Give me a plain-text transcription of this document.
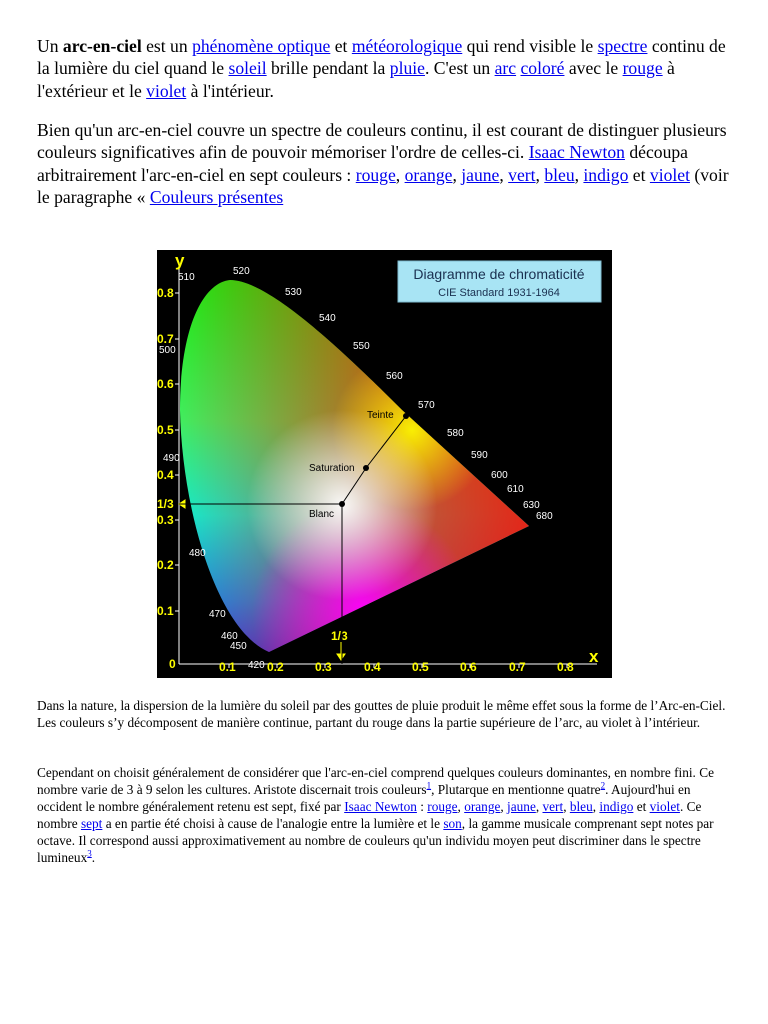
Un arc-en-ciel est un phénomène optique et météorologique qui rend visible le spectre continu de la lumière du ciel quand le soleil brille pendant la pluie. C'est un arc coloré avec le rouge à l'extérieur et le violet à l'intérieur.

Bien qu'un arc-en-ciel couvre un spectre de couleurs continu, il est courant de distinguer plusieurs couleurs significatives afin de pouvoir mémoriser l'ordre de celles-ci. Isaac Newton découpa arbitrairement l'arc-en-ciel en sept couleurs : rouge, orange, jaune, vert, bleu, indigo et violet (voir le paragraphe « Couleurs présentes

y
x
0
0.8
0.7
0.6
0.5
0.4
0.3
0.2
0.1
1/3
0.1	0.2	0.3	0.4	0.5	0.6	0.7	0.8
1/3
510
520
530
540
550
560
570
580
590
600
610
630
680
500
490
480
470
460
450
420
Teinte
Saturation
Blanc
Diagramme de chromaticité
CIE Standard 1931-1964

Dans la nature, la dispersion de la lumière du soleil par des gouttes de pluie produit le même effet sous la forme de l’Arc-en-Ciel. Les couleurs s’y décomposent de manière continue, partant du rouge dans la partie supérieure de l’arc, au violet à l’intérieur.

Cependant on choisit généralement de considérer que l'arc-en-ciel comprend quelques couleurs dominantes, en nombre fini. Ce nombre varie de 3 à 9 selon les cultures. Aristote discernait trois couleurs$^1$, Plutarque en mentionne quatre$^2$. Aujourd'hui en occident le nombre généralement retenu est sept, fixé par Isaac Newton : rouge, orange, jaune, vert, bleu, indigo et violet. Ce nombre sept a en partie été choisi à cause de l'analogie entre la lumière et le son, la gamme musicale comprenant sept notes par octave. Il correspond aussi approximativement au nombre de couleurs qu'un individu moyen peut discriminer dans le spectre lumineux$^3$.
